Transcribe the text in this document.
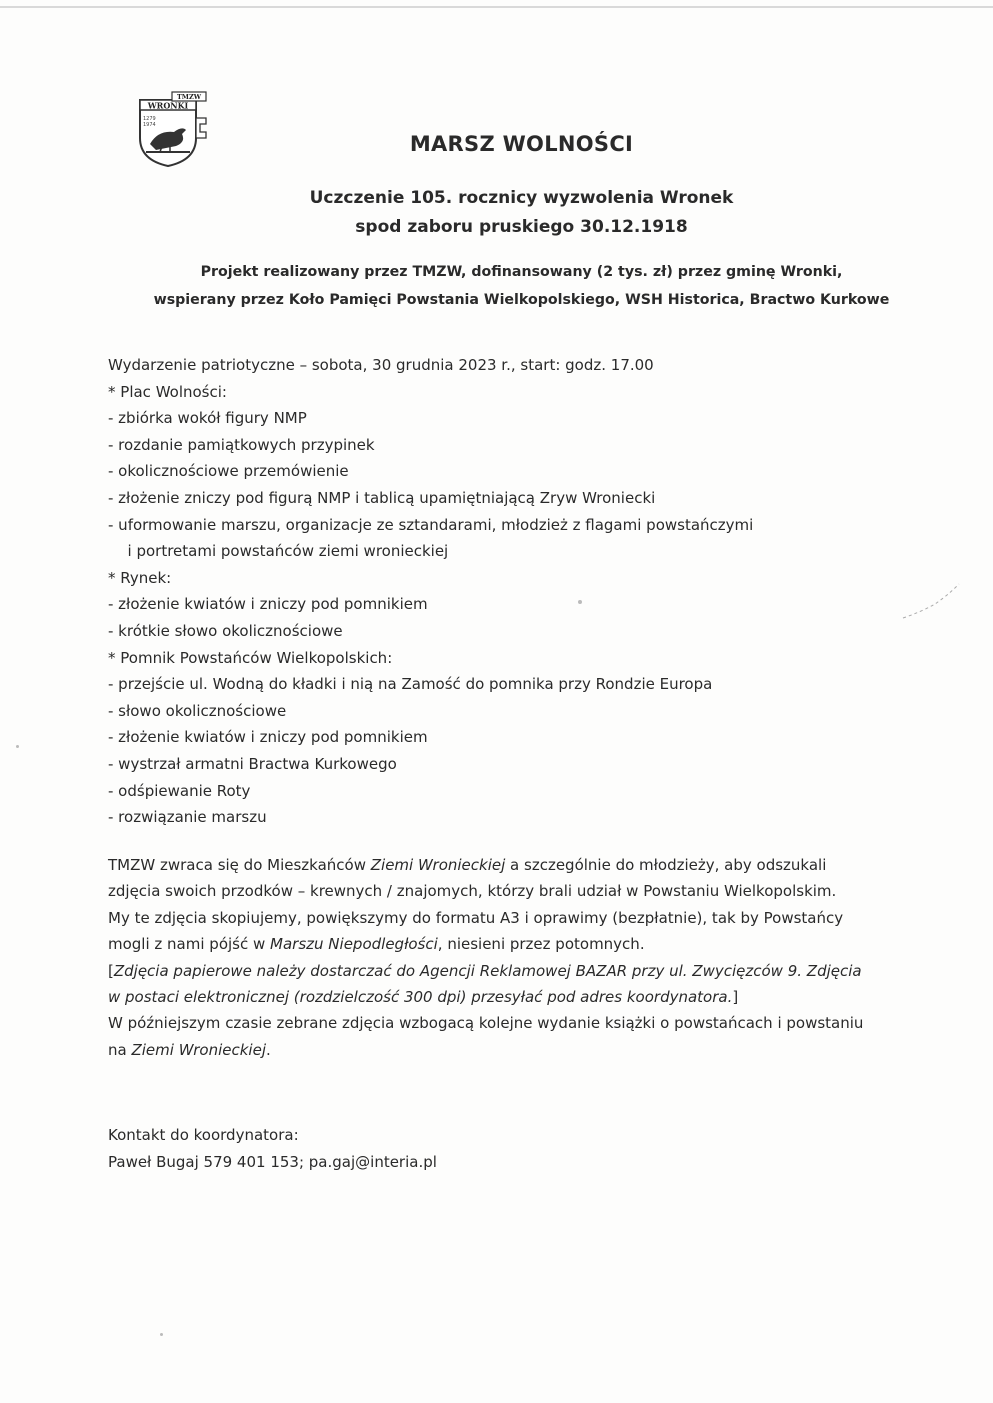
TMZW
WRONKI
1279 1974
MARSZ WOLNOŚCI
Uczczenie 105. rocznicy wyzwolenia Wronek
spod zaboru pruskiego 30.12.1918
Projekt realizowany przez TMZW, dofinansowany (2 tys. zł) przez gminę Wronki,
wspierany przez Koło Pamięci Powstania Wielkopolskiego, WSH Historica, Bractwo Kurkowe
Wydarzenie patriotyczne – sobota, 30 grudnia 2023 r., start: godz. 17.00
* Plac Wolności:
- zbiórka wokół figury NMP
- rozdanie pamiątkowych przypinek
- okolicznościowe przemówienie
- złożenie zniczy pod figurą NMP i tablicą upamiętniającą Zryw Wroniecki
- uformowanie marszu, organizacje ze sztandarami, młodzież z flagami powstańczymi
i portretami powstańców ziemi wronieckiej
* Rynek:
- złożenie kwiatów i zniczy pod pomnikiem
- krótkie słowo okolicznościowe
* Pomnik Powstańców Wielkopolskich:
- przejście ul. Wodną do kładki i nią na Zamość do pomnika przy Rondzie Europa
- słowo okolicznościowe
- złożenie kwiatów i zniczy pod pomnikiem
- wystrzał armatni Bractwa Kurkowego
- odśpiewanie Roty
- rozwiązanie marszu
TMZW zwraca się do Mieszkańców Ziemi Wronieckiej a szczególnie do młodzieży, aby odszukali
zdjęcia swoich przodków – krewnych / znajomych, którzy brali udział w Powstaniu Wielkopolskim.
My te zdjęcia skopiujemy, powiększymy do formatu A3 i oprawimy (bezpłatnie), tak by Powstańcy
mogli z nami pójść w Marszu Niepodległości, niesieni przez potomnych.
[Zdjęcia papierowe należy dostarczać do Agencji Reklamowej BAZAR przy ul. Zwycięzców 9. Zdjęcia
w postaci elektronicznej (rozdzielczość 300 dpi) przesyłać pod adres koordynatora.]
W późniejszym czasie zebrane zdjęcia wzbogacą kolejne wydanie książki o powstańcach i powstaniu
na Ziemi Wronieckiej.
Kontakt do koordynatora:
Paweł Bugaj 579 401 153; pa.gaj@interia.pl
